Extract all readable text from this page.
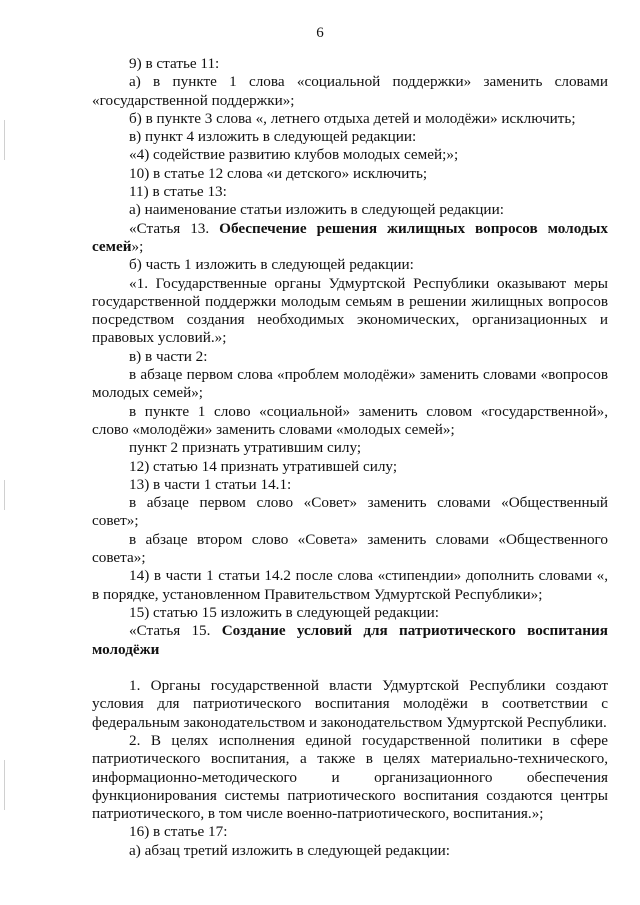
6

9) в статье 11:

а) в пункте 1 слова «социальной поддержки» заменить словами «государственной поддержки»;

б) в пункте 3 слова «, летнего отдыха детей и молодёжи» исключить;

в) пункт 4 изложить в следующей редакции:

«4) содействие развитию клубов молодых семей;»;

10) в статье 12 слова «и детского» исключить;

11) в статье 13:

а) наименование статьи изложить в следующей редакции:

«Статья 13. Обеспечение решения жилищных вопросов молодых семей»;

б) часть 1 изложить в следующей редакции:

«1. Государственные органы Удмуртской Республики оказывают меры государственной поддержки молодым семьям в решении жилищных вопросов посредством создания необходимых экономических, организационных и правовых условий.»;

в) в части 2:

в абзаце первом слова «проблем молодёжи» заменить словами «вопросов молодых семей»;

в пункте 1 слово «социальной» заменить словом «государственной», слово «молодёжи» заменить словами «молодых семей»;

пункт 2 признать утратившим силу;

12) статью 14 признать утратившей силу;

13) в части 1 статьи 14.1:

в абзаце первом слово «Совет» заменить словами «Общественный совет»;

в абзаце втором слово «Совета» заменить словами «Общественного совета»;

14) в части 1 статьи 14.2 после слова «стипендии» дополнить словами «, в порядке, установленном Правительством Удмуртской Республики»;

15) статью 15 изложить в следующей редакции:

«Статья 15. Создание условий для патриотического воспитания молодёжи

1. Органы государственной власти Удмуртской Республики создают условия для патриотического воспитания молодёжи в соответствии с федеральным законодательством и законодательством Удмуртской Республики.

2. В целях исполнения единой государственной политики в сфере патриотического воспитания, а также в целях материально-технического, информационно-методического и организационного обеспечения функционирования системы патриотического воспитания создаются центры патриотического, в том числе военно-патриотического, воспитания.»;

16) в статье 17:

а) абзац третий изложить в следующей редакции:
